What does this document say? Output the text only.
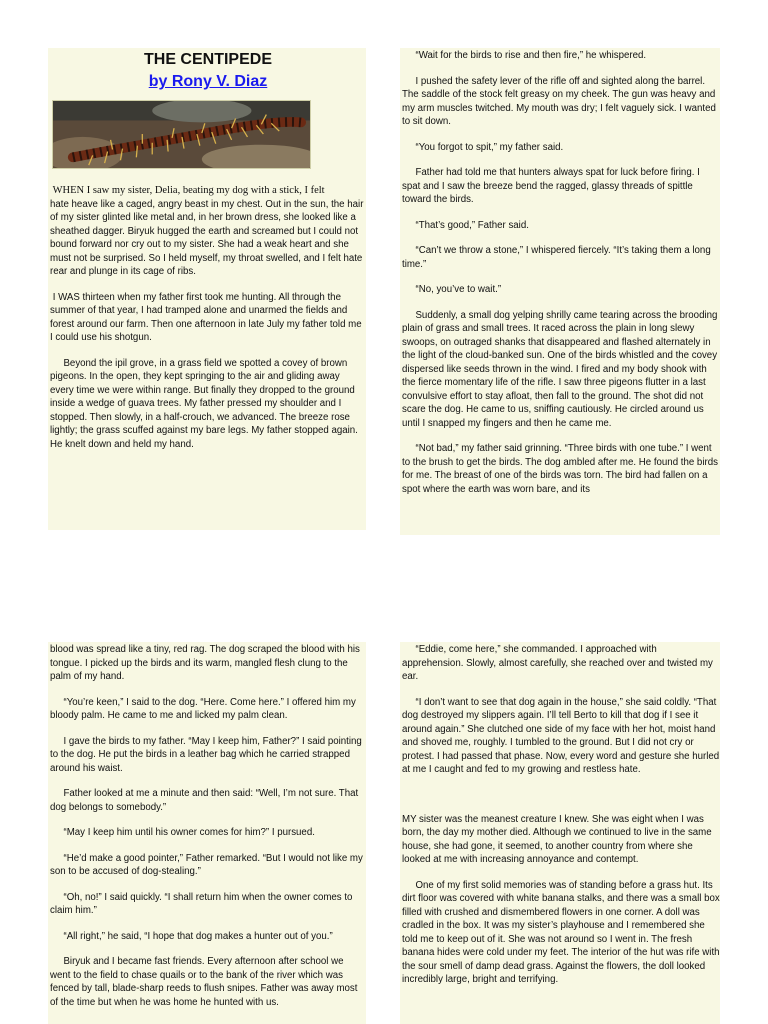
THE CENTIPEDE
by Rony V. Diaz

WHEN I saw my sister, Delia, beating my dog with a stick, I felt

hate heave like a caged, angry beast in my chest. Out in the sun, the hair of my sister glinted like metal and, in her brown dress, she looked like a sheathed dagger. Biryuk hugged the earth and screamed but I could not bound forward nor cry out to my sister. She had a weak heart and she must not be surprised. So I held myself, my throat swelled, and I felt hate rear and plunge in its cage of ribs.

I WAS thirteen when my father first took me hunting. All through the summer of that year, I had tramped alone and unarmed the fields and forest around our farm. Then one afternoon in late July my father told me I could use his shotgun.

Beyond the ipil grove, in a grass field we spotted a covey of brown pigeons. In the open, they kept springing to the air and gliding away every time we were within range. But finally they dropped to the ground inside a wedge of guava trees. My father pressed my shoulder and I stopped. Then slowly, in a half-crouch, we advanced. The breeze rose lightly; the grass scuffed against my bare legs. My father stopped again. He knelt down and held my hand.

“Wait for the birds to rise and then fire,” he whispered.

I pushed the safety lever of the rifle off and sighted along the barrel. The saddle of the stock felt greasy on my cheek. The gun was heavy and my arm muscles twitched. My mouth was dry; I felt vaguely sick. I wanted to sit down.

“You forgot to spit,” my father said.

Father had told me that hunters always spat for luck before firing. I spat and I saw the breeze bend the ragged, glassy threads of spittle toward the birds.

“That’s good,” Father said.

“Can’t we throw a stone,” I whispered fiercely. “It’s taking them a long time.”

“No, you’ve to wait.”

Suddenly, a small dog yelping shrilly came tearing across the brooding plain of grass and small trees. It raced across the plain in long slewy swoops, on outraged shanks that disappeared and flashed alternately in the light of the cloud-banked sun. One of the birds whistled and the covey dispersed like seeds thrown in the wind. I fired and my body shook with the fierce momentary life of the rifle. I saw three pigeons flutter in a last convulsive effort to stay afloat, then fall to the ground. The shot did not scare the dog. He came to us, sniffing cautiously. He circled around us until I snapped my fingers and then he came me.

“Not bad,” my father said grinning. “Three birds with one tube.” I went to the brush to get the birds. The dog ambled after me. He found the birds for me. The breast of one of the birds was torn. The bird had fallen on a spot where the earth was worn bare, and its

blood was spread like a tiny, red rag. The dog scraped the blood with his tongue. I picked up the birds and its warm, mangled flesh clung to the palm of my hand.

“You’re keen,” I said to the dog. “Here. Come here.” I offered him my bloody palm. He came to me and licked my palm clean.

I gave the birds to my father. “May I keep him, Father?” I said pointing to the dog. He put the birds in a leather bag which he carried strapped around his waist.

Father looked at me a minute and then said: “Well, I’m not sure. That dog belongs to somebody.”

“May I keep him until his owner comes for him?” I pursued.

“He’d make a good pointer,” Father remarked. “But I would not like my son to be accused of dog-stealing.”

“Oh, no!” I said quickly. “I shall return him when the owner comes to claim him.”

“All right,” he said, “I hope that dog makes a hunter out of you.”

Biryuk and I became fast friends. Every afternoon after school we went to the field to chase quails or to the bank of the river which was fenced by tall, blade-sharp reeds to flush snipes. Father was away most of the time but when he was home he hunted with us.

“Eddie, come here,” she commanded. I approached with apprehension. Slowly, almost carefully, she reached over and twisted my ear.

“I don’t want to see that dog again in the house,” she said coldly. “That dog destroyed my slippers again. I’ll tell Berto to kill that dog if I see it around again.” She clutched one side of my face with her hot, moist hand and shoved me, roughly. I tumbled to the ground. But I did not cry or protest. I had passed that phase. Now, every word and gesture she hurled at me I caught and fed to my growing and restless hate.

MY sister was the meanest creature I knew. She was eight when I was born, the day my mother died. Although we continued to live in the same house, she had gone, it seemed, to another country from where she looked at me with increasing annoyance and contempt.

One of my first solid memories was of standing before a grass hut. Its dirt floor was covered with white banana stalks, and there was a small box filled with crushed and dismembered flowers in one corner. A doll was cradled in the box. It was my sister’s playhouse and I remembered she told me to keep out of it. She was not around so I went in. The fresh banana hides were cold under my feet. The interior of the hut was rife with the sour smell of damp dead grass. Against the flowers, the doll looked incredibly large, bright and terrifying.
